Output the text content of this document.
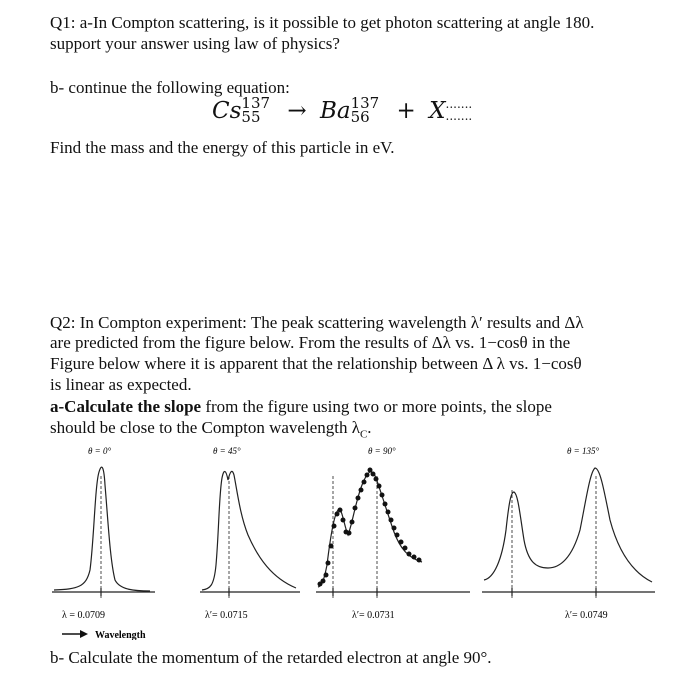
Q1: a-In Compton scattering, is it possible to get photon scattering at angle 180.
support your answer using law of physics?
b- continue the following equation:
Cs 137
55	→ Ba 137
56	+ X .......
.......
Find the mass and the energy of this particle in eV.
Q2: In Compton experiment: The peak scattering wavelength λ′ results and Δλ
are predicted from the figure below. From the results of Δλ vs. 1−cosθ in the
Figure below where it is apparent that the relationship between Δ λ vs. 1−cosθ
is linear as expected.
a-Calculate the slope from the figure using two or more points, the slope
should be close to the Compton wavelength $\lambda_C$.
θ = 0°	θ = 45°	θ = 90°	θ = 135°
λ = 0.0709	λ′= 0.0715	λ′= 0.0731	λ′= 0.0749
Wavelength
b- Calculate the momentum of the retarded electron at angle 90°.
